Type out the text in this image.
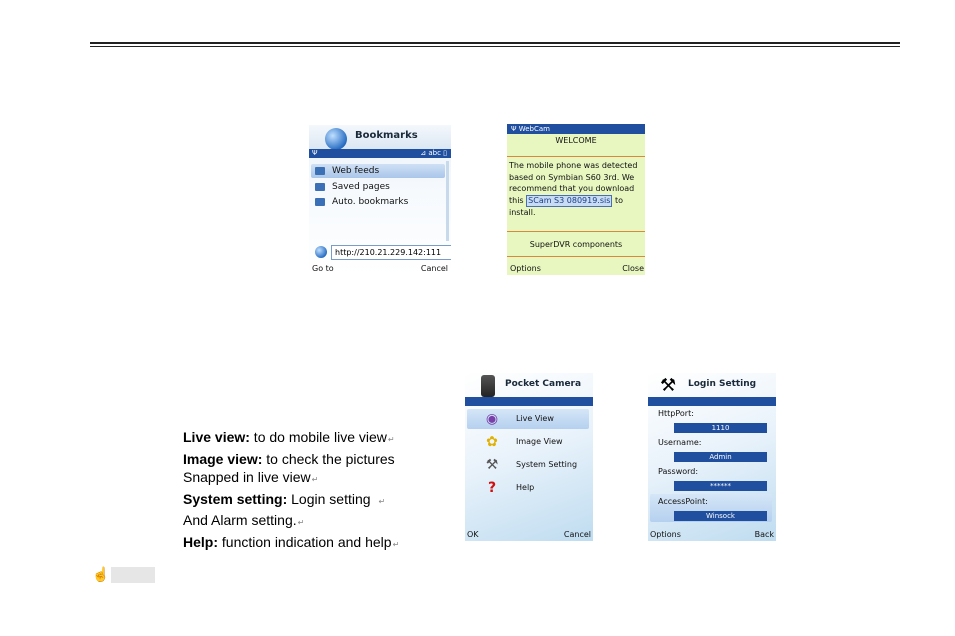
Bookmarks
Ψ	⊿ abc ▯
Web feeds
Saved pages
Auto. bookmarks
http://210.21.229.142:111
Go to	Cancel
Ψ WebCam
WELCOME
The mobile phone was detected based on Symbian S60 3rd. We recommend that you download this SCam S3 080919.sis to install.
SuperDVR components
Options	Close
Live view: to do mobile live view↵
Image view: to check the pictures
Snapped in live view↵
System setting: Login setting ↵
And Alarm setting.↵
Help: function indication and help↵
Pocket Camera
◉	Live View
✿	Image View
⚒	System Setting
?	Help
OK	Cancel
⚒	Login Setting
HttpPort:
1110
Username:
Admin
Password:
******
AccessPoint:
Winsock
Options	Back
☝
